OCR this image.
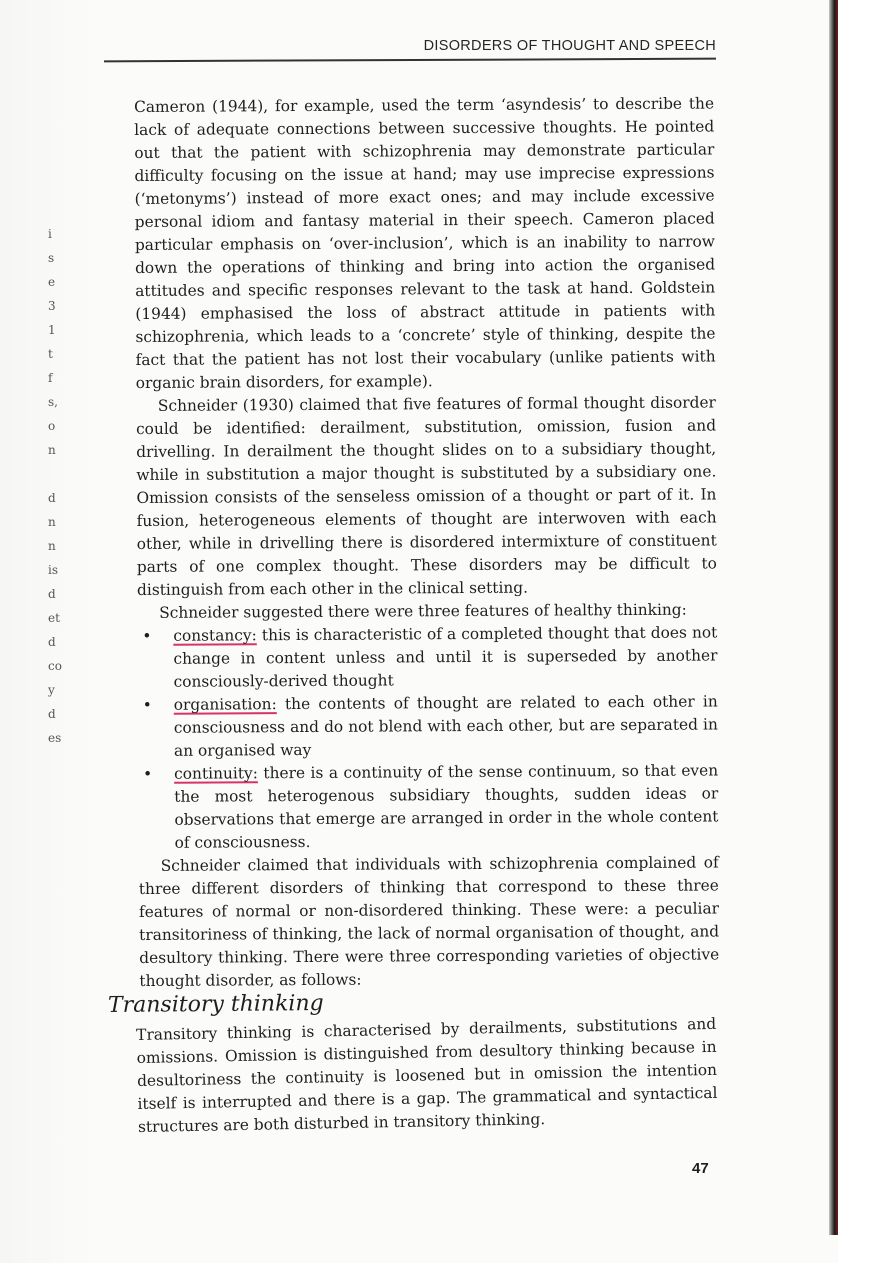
i
s
e
3
1
t
f
s,
o
n
d
n
n
is
d
et
d
co
y
d
es
DISORDERS OF THOUGHT AND SPEECH

Cameron (1944), for example, used the term ‘asyndesis’ to describe the lack of adequate connections between successive thoughts. He pointed out that the patient with schizophrenia may demonstrate particular difficulty focusing on the issue at hand; may use imprecise expressions (‘metonyms’) instead of more exact ones; and may include excessive personal idiom and fantasy material in their speech. Cameron placed particular emphasis on ‘over-inclusion’, which is an inability to narrow down the operations of thinking and bring into action the organised attitudes and specific responses relevant to the task at hand. Goldstein (1944) emphasised the loss of abstract attitude in patients with schizophrenia, which leads to a ‘concrete’ style of thinking, despite the fact that the patient has not lost their vocabulary (unlike patients with organic brain disorders, for example).

Schneider (1930) claimed that five features of formal thought disorder could be identified: derailment, substitution, omission, fusion and drivelling. In derailment the thought slides on to a subsidiary thought, while in substitution a major thought is substituted by a subsidiary one. Omission consists of the senseless omission of a thought or part of it. In fusion, heterogeneous elements of thought are interwoven with each other, while in drivelling there is disordered intermixture of constituent parts of one complex thought. These disorders may be difficult to distinguish from each other in the clinical setting.

Schneider suggested there were three features of healthy thinking:

• constancy: this is characteristic of a completed thought that does not change in content unless and until it is superseded by another consciously-derived thought
• organisation: the contents of thought are related to each other in consciousness and do not blend with each other, but are separated in an organised way
• continuity: there is a continuity of the sense continuum, so that even the most heterogenous subsidiary thoughts, sudden ideas or observations that emerge are arranged in order in the whole content of consciousness.

Schneider claimed that individuals with schizophrenia complained of three different disorders of thinking that correspond to these three features of normal or non-disordered thinking. These were: a peculiar transitoriness of thinking, the lack of normal organisation of thought, and desultory thinking. There were three corresponding varieties of objective thought disorder, as follows:

Transitory thinking

Transitory thinking is characterised by derailments, substitutions and omissions. Omission is distinguished from desultory thinking because in desultoriness the continuity is loosened but in omission the intention itself is interrupted and there is a gap. The grammatical and syntactical structures are both disturbed in transitory thinking.

47
